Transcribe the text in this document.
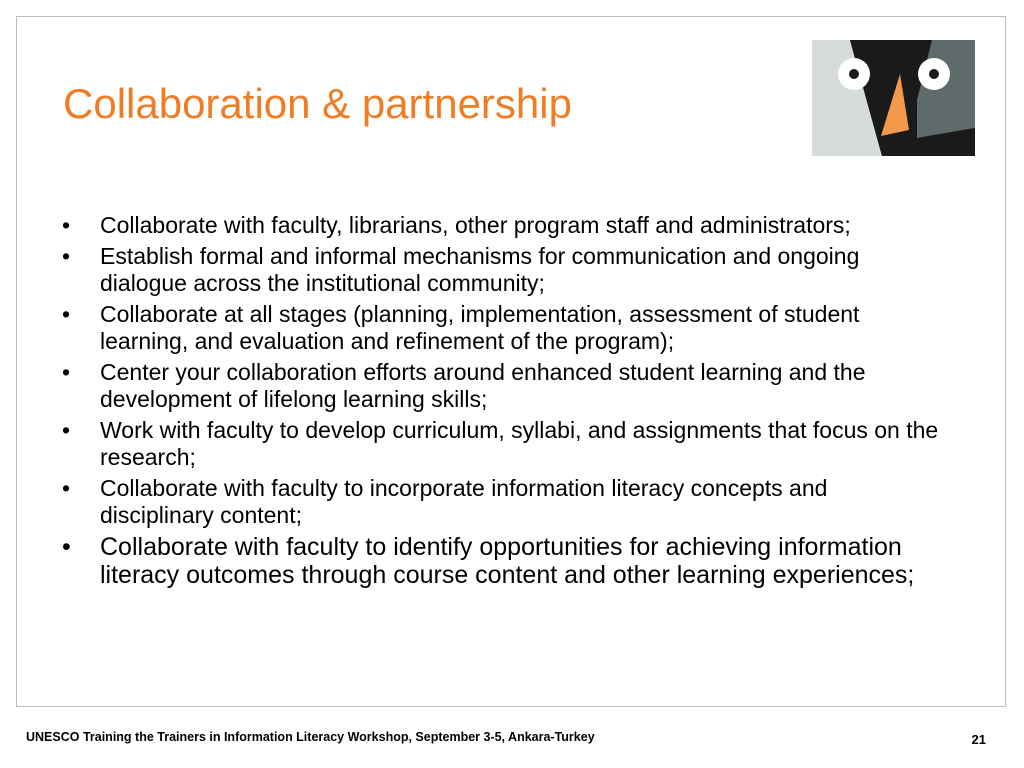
Collaboration & partnership
• Collaborate with faculty, librarians, other program staff and administrators;
• Establish formal and informal mechanisms for communication and ongoing dialogue across the institutional community;
• Collaborate at all stages (planning, implementation, assessment of student learning, and evaluation and refinement of the program);
• Center your collaboration efforts around enhanced student learning and the development of lifelong learning skills;
• Work with faculty to develop curriculum, syllabi, and assignments that focus on the research;
• Collaborate with faculty to incorporate information literacy concepts and disciplinary content;
• Collaborate with faculty to identify opportunities for achieving information literacy outcomes through course content and other learning experiences;
UNESCO Training the Trainers in Information Literacy Workshop, September 3-5, Ankara-Turkey	21
